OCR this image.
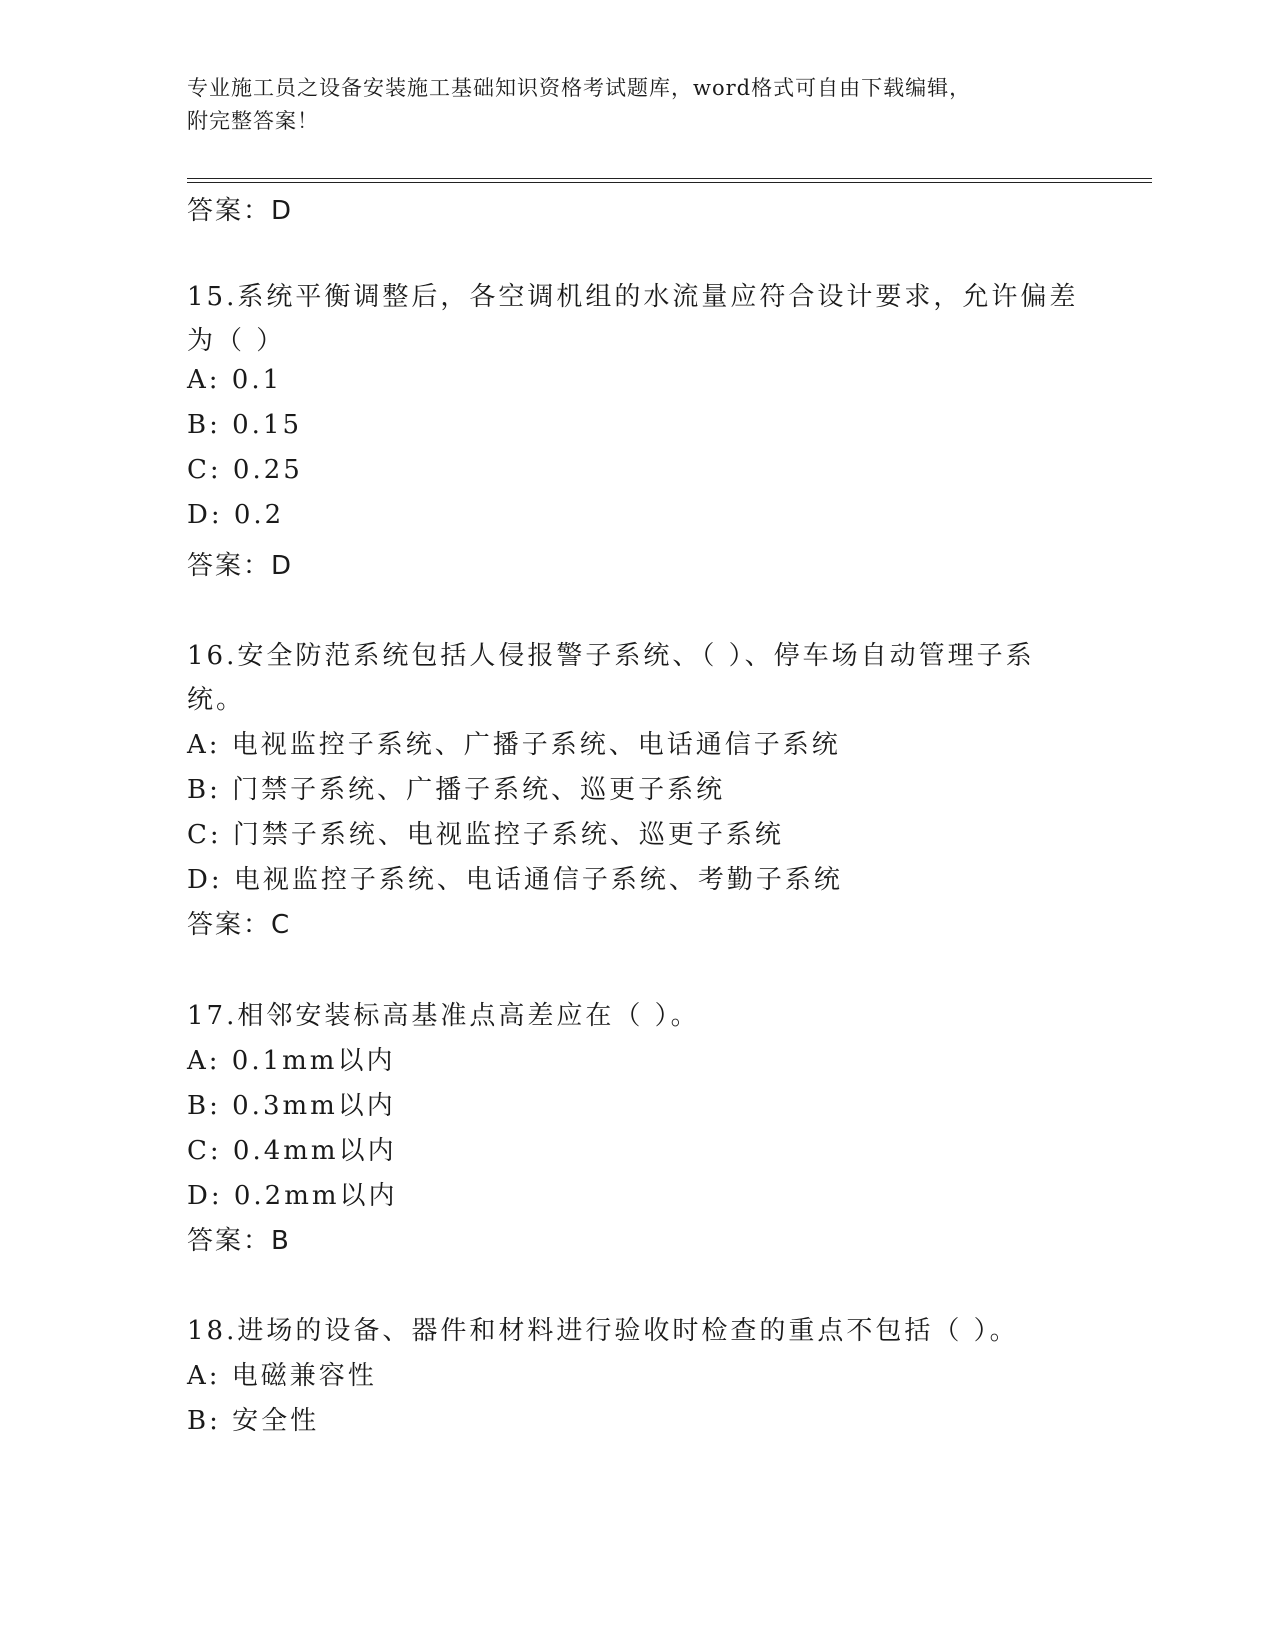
专业施工员之设备安装施工基础知识资格考试题库，word格式可自由下载编辑，
附完整答案！
答案：D
15.系统平衡调整后，各空调机组的水流量应符合设计要求，允许偏差
为（ ）
A: 0.1
B: 0.15
C: 0.25
D: 0.2
答案：D
16.安全防范系统包括人侵报警子系统、（ ）、停车场自动管理子系
统。
A: 电视监控子系统、广播子系统、电话通信子系统
B: 门禁子系统、广播子系统、巡更子系统
C: 门禁子系统、电视监控子系统、巡更子系统
D: 电视监控子系统、电话通信子系统、考勤子系统
答案：C
17.相邻安装标高基准点高差应在（ ）。
A: 0.1mm以内
B: 0.3mm以内
C: 0.4mm以内
D: 0.2mm以内
答案：B
18.进场的设备、器件和材料进行验收时检查的重点不包括（ ）。
A: 电磁兼容性
B: 安全性
